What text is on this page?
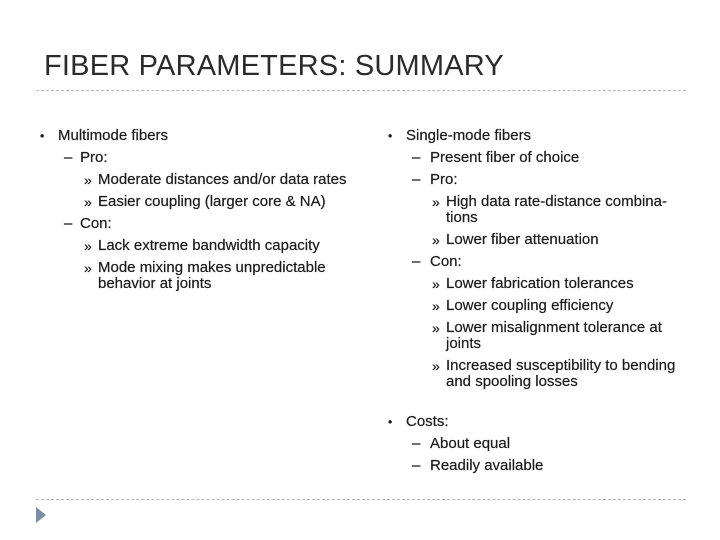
FIBER PARAMETERS: SUMMARY
• Multimode fibers
– Pro:
» Moderate distances and/or data rates
» Easier coupling (larger core & NA)
– Con:
» Lack extreme bandwidth capacity
» Mode mixing makes unpredictable behavior at joints
• Single-mode fibers
– Present fiber of choice
– Pro:
» High data rate-distance combina-tions
» Lower fiber attenuation
– Con:
» Lower fabrication tolerances
» Lower coupling efficiency
» Lower misalignment tolerance at joints
» Increased susceptibility to bending and spooling losses
• Costs:
– About equal
– Readily available
